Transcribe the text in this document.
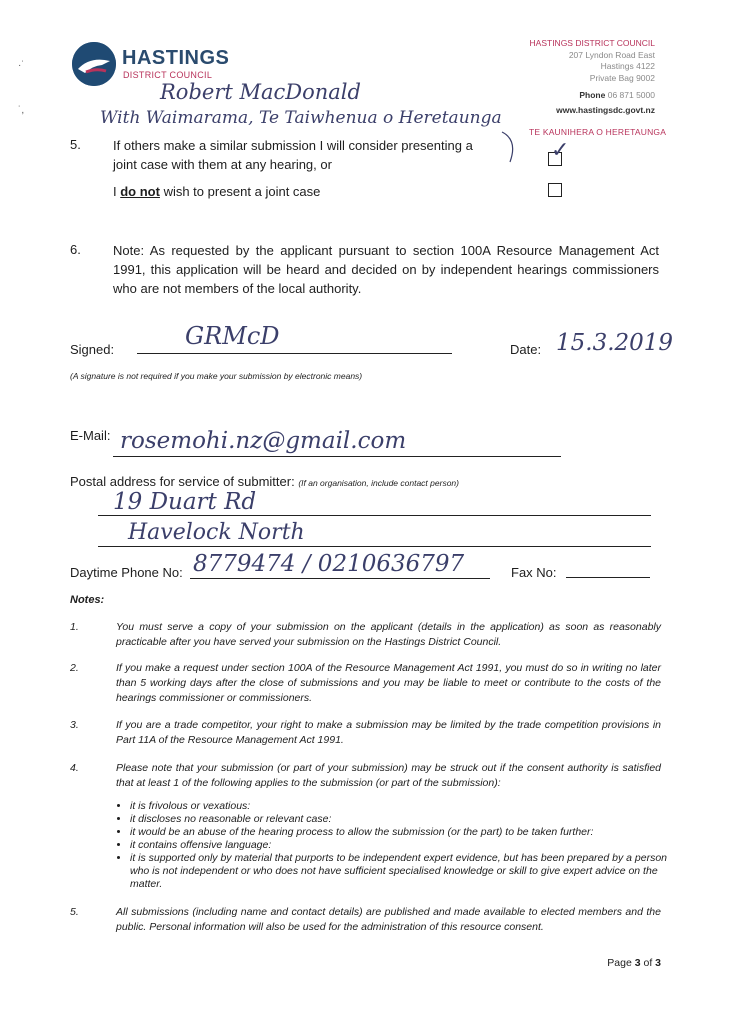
HASTINGS
DISTRICT COUNCIL
·˙
˙,
HASTINGS DISTRICT COUNCIL
207 Lyndon Road East
Hastings 4122
Private Bag 9002
Phone 06 871 5000
www.hastingsdc.govt.nz
TE KAUNIHERA O HERETAUNGA
Robert MacDonald
With Waimarama, Te Taiwhenua o Heretaunga
5. If others make a similar submission I will consider presenting a joint case with them at any hearing, or
✓
I do not wish to present a joint case
6. Note: As requested by the applicant pursuant to section 100A Resource Management Act 1991, this application will be heard and decided on by independent hearings commissioners who are not members of the local authority.
Signed:	GRMcD	Date: 15.3.2019
(A signature is not required if you make your submission by electronic means)
E-Mail: rosemohi.nz@gmail.com
Postal address for service of submitter: (If an organisation, include contact person)
19 Duart Rd
Havelock North
Daytime Phone No: 8779474 / 0210636797	Fax No:
Notes:
1.	You must serve a copy of your submission on the applicant (details in the application) as soon as reasonably practicable after you have served your submission on the Hastings District Council.
2.	If you make a request under section 100A of the Resource Management Act 1991, you must do so in writing no later than 5 working days after the close of submissions and you may be liable to meet or contribute to the costs of the hearings commissioner or commissioners.
3.	If you are a trade competitor, your right to make a submission may be limited by the trade competition provisions in Part 11A of the Resource Management Act 1991.
4.	Please note that your submission (or part of your submission) may be struck out if the consent authority is satisfied that at least 1 of the following applies to the submission (or part of the submission):
• it is frivolous or vexatious:
• it discloses no reasonable or relevant case:
• it would be an abuse of the hearing process to allow the submission (or the part) to be taken further:
• it contains offensive language:
• it is supported only by material that purports to be independent expert evidence, but has been prepared by a person who is not independent or who does not have sufficient specialised knowledge or skill to give expert advice on the matter.
5.	All submissions (including name and contact details) are published and made available to elected members and the public. Personal information will also be used for the administration of this resource consent.
Page 3 of 3
